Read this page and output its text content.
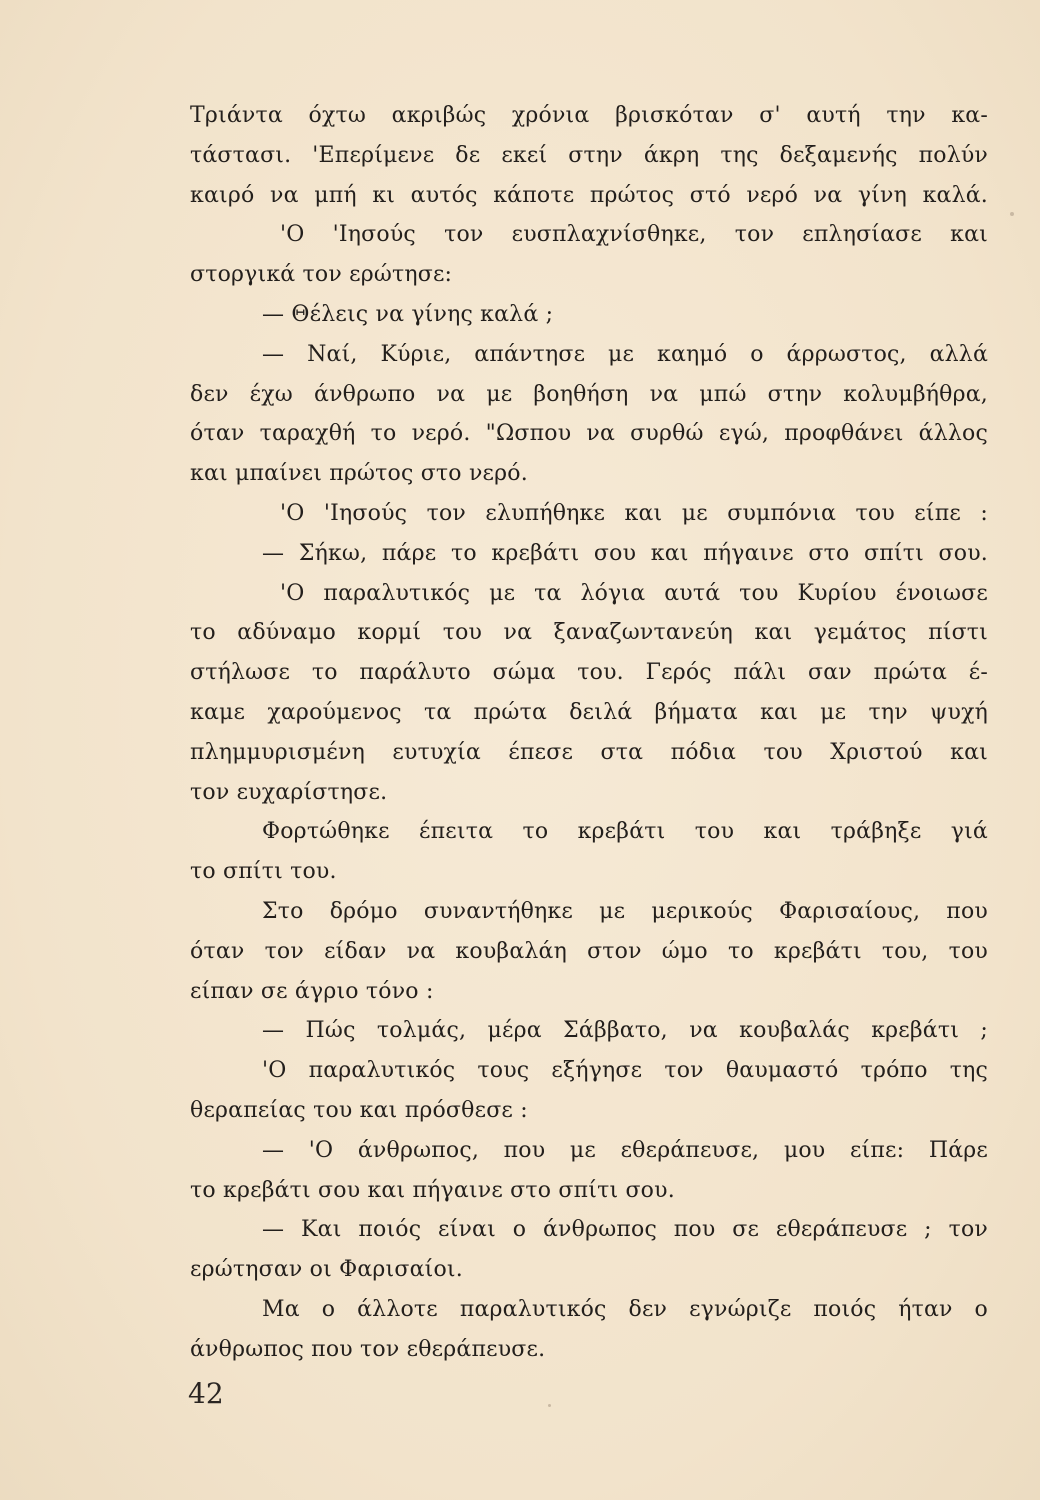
Τριάντα όχτω ακριβώς χρόνια βρισκόταν σ' αυτή την κα-
τάστασι. 'Επερίμενε δε εκεί στην άκρη της δεξαμενής πολύν
καιρό να μπή κι αυτός κάποτε πρώτος στό νερό να γίνη καλά.
'Ο 'Ιησούς τον ευσπλαχνίσθηκε, τον επλησίασε και
στοργικά τον ερώτησε:
— Θέλεις να γίνης καλά ;
— Ναί, Κύριε, απάντησε με καημό ο άρρωστος, αλλά
δεν έχω άνθρωπο να με βοηθήση να μπώ στην κολυμβήθρα,
όταν ταραχθή το νερό. "Ωσπου να συρθώ εγώ, προφθάνει άλλος
και μπαίνει πρώτος στο νερό.
'Ο 'Ιησούς τον ελυπήθηκε και με συμπόνια του είπε :
— Σήκω, πάρε το κρεβάτι σου και πήγαινε στο σπίτι σου.
'Ο παραλυτικός με τα λόγια αυτά του Κυρίου ένοιωσε
το αδύναμο κορμί του να ξαναζωντανεύη και γεμάτος πίστι
στήλωσε το παράλυτο σώμα του. Γερός πάλι σαν πρώτα έ-
καμε χαρούμενος τα πρώτα δειλά βήματα και με την ψυχή
πλημμυρισμένη ευτυχία έπεσε στα πόδια του Χριστού και
τον ευχαρίστησε.
Φορτώθηκε έπειτα το κρεβάτι του και τράβηξε γιά
το σπίτι του.
Στο δρόμο συναντήθηκε με μερικούς Φαρισαίους, που
όταν τον είδαν να κουβαλάη στον ώμο το κρεβάτι του, του
είπαν σε άγριο τόνο :
— Πώς τολμάς, μέρα Σάββατο, να κουβαλάς κρεβάτι ;
'Ο παραλυτικός τους εξήγησε τον θαυμαστό τρόπο της
θεραπείας του και πρόσθεσε :
— 'Ο άνθρωπος, που με εθεράπευσε, μου είπε: Πάρε
το κρεβάτι σου και πήγαινε στο σπίτι σου.
— Και ποιός είναι ο άνθρωπος που σε εθεράπευσε ; τον
ερώτησαν οι Φαρισαίοι.
Μα ο άλλοτε παραλυτικός δεν εγνώριζε ποιός ήταν ο
άνθρωπος που τον εθεράπευσε.
42
